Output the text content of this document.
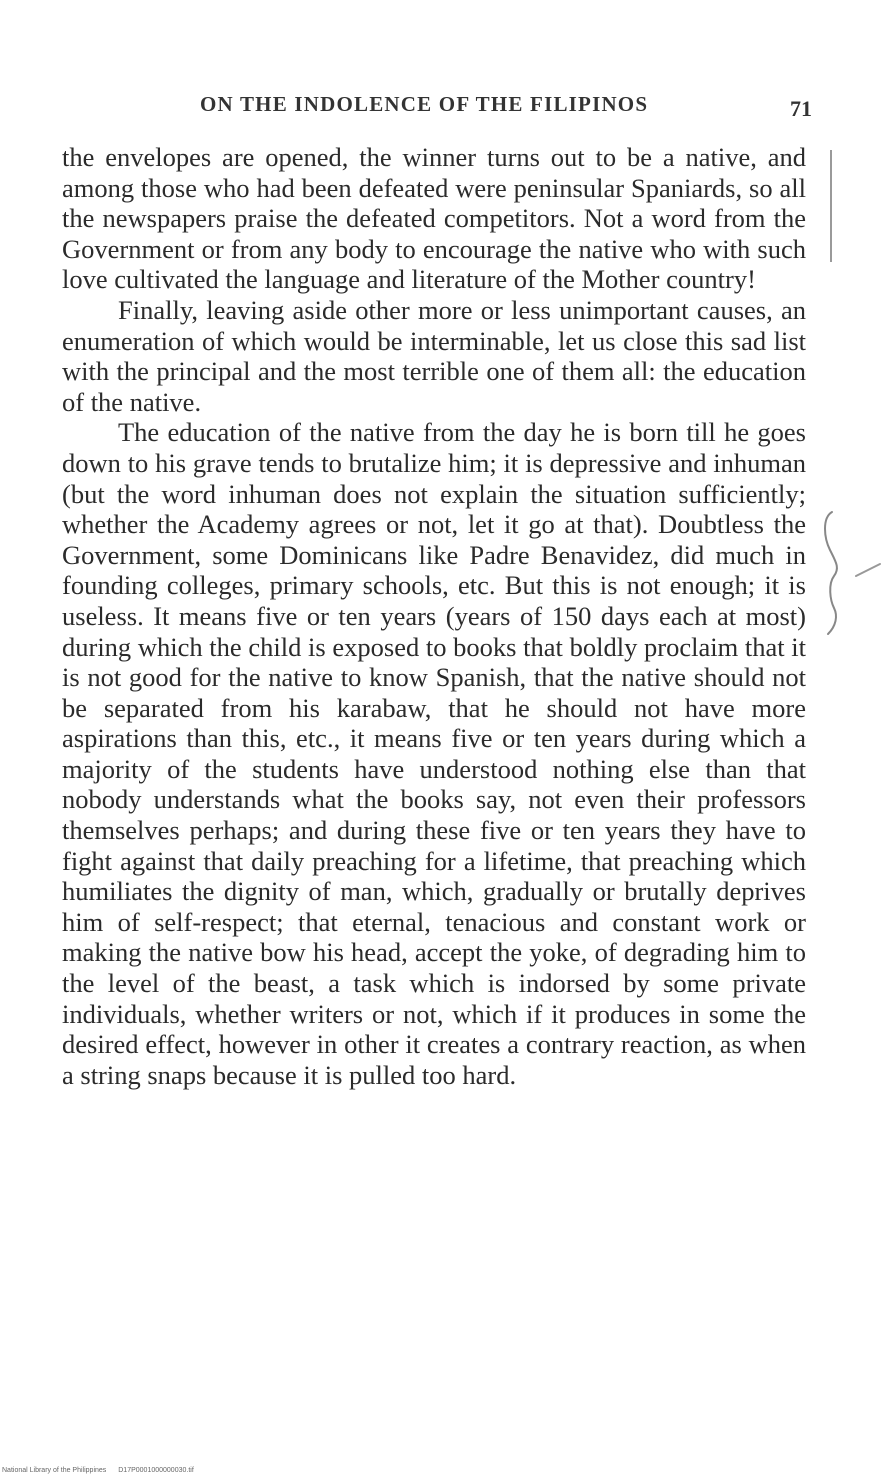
ON THE INDOLENCE OF THE FILIPINOS	71

the envelopes are opened, the winner turns out to be a native, and among those who had been defeated were peninsular Spaniards, so all the newspapers praise the defeated competitors. Not a word from the Government or from any body to encourage the native who with such love cultivated the language and literature of the Mother country!

Finally, leaving aside other more or less unimportant causes, an enumeration of which would be interminable, let us close this sad list with the principal and the most terrible one of them all: the education of the native.

The education of the native from the day he is born till he goes down to his grave tends to brutalize him; it is depressive and inhuman (but the word inhuman does not explain the situation sufficiently; whether the Academy agrees or not, let it go at that). Doubtless the Government, some Dominicans like Padre Benavidez, did much in founding colleges, primary schools, etc. But this is not enough; it is useless. It means five or ten years (years of 150 days each at most) during which the child is exposed to books that boldly proclaim that it is not good for the native to know Spanish, that the native should not be separated from his karabaw, that he should not have more aspirations than this, etc., it means five or ten years during which a majority of the students have understood nothing else than that nobody understands what the books say, not even their professors themselves perhaps; and during these five or ten years they have to fight against that daily preaching for a lifetime, that preaching which humiliates the dignity of man, which, gradually or brutally deprives him of self-respect; that eternal, tenacious and constant work or making the native bow his head, accept the yoke, of degrading him to the level of the beast, a task which is indorsed by some private individuals, whether writers or not, which if it produces in some the desired effect, however in other it creates a contrary reaction, as when a string snaps because it is pulled too hard.

National Library of the Philippines D17P0001000000030.tif
